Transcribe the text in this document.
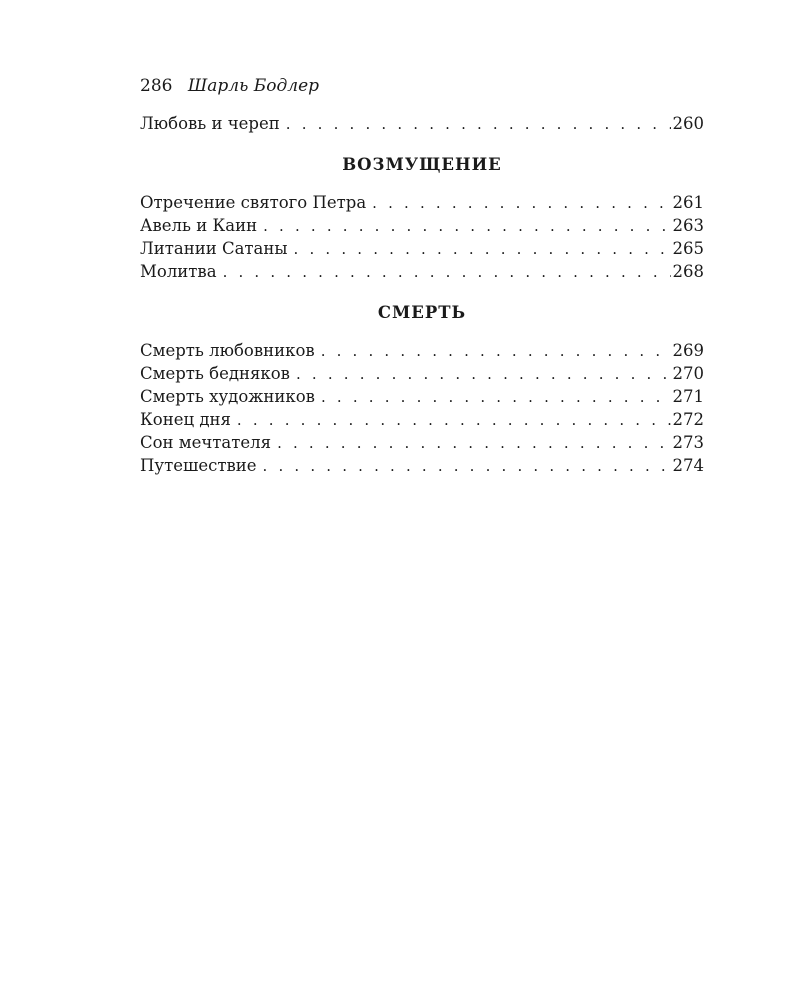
286 Шарль Бодлер
Любовь и череп . . .	260
ВОЗМУЩЕНИЕ
Отречение святого Петра . . .	261
Авель и Каин . . .	263
Литании Сатаны . . .	265
Молитва . . .	268
СМЕРТЬ
Смерть любовников . . .	269
Смерть бедняков . . .	270
Смерть художников . . .	271
Конец дня . . .	272
Сон мечтателя . . .	273
Путешествие . . .	274
